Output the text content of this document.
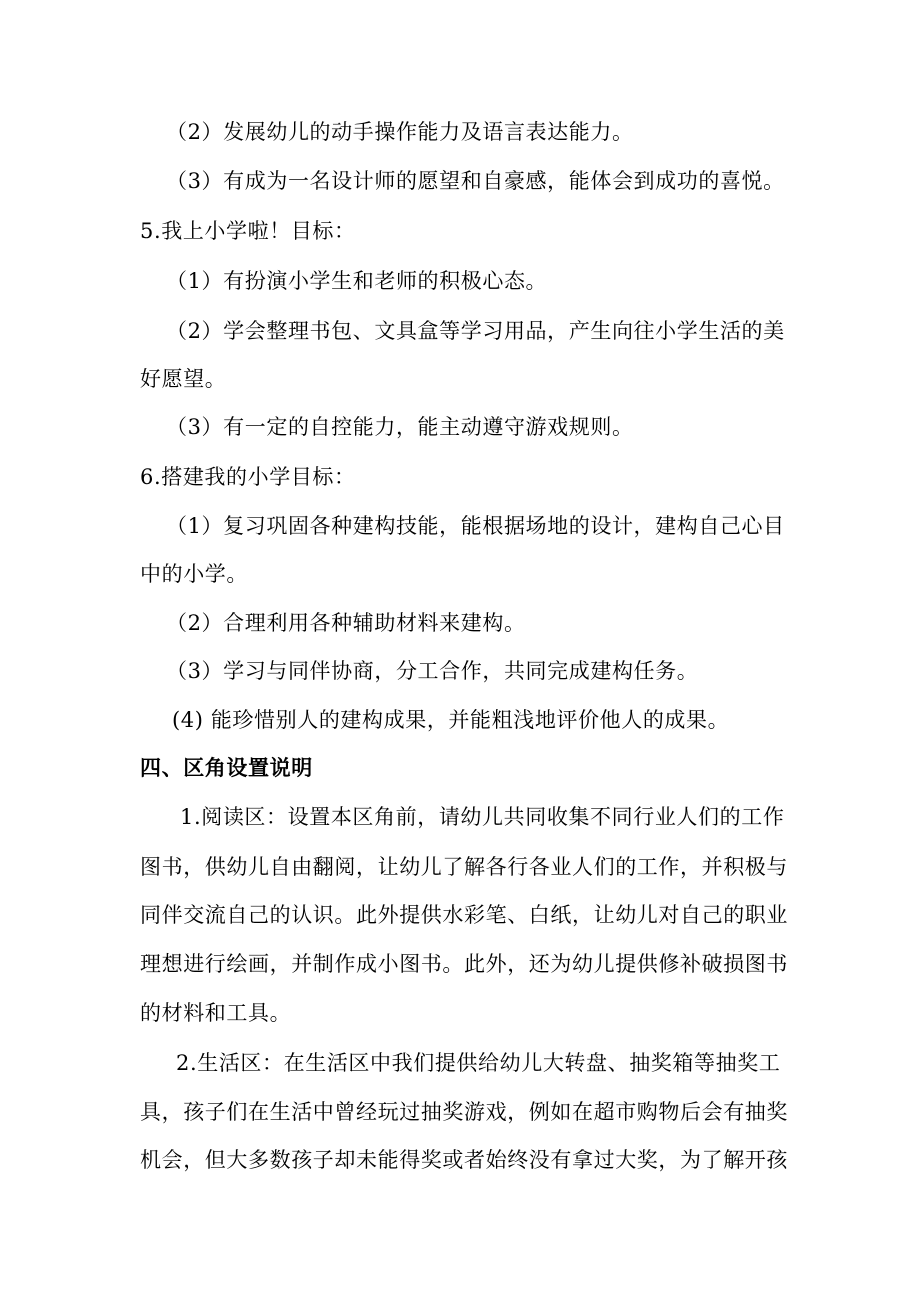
（2）发展幼儿的动手操作能力及语言表达能力。
（3）有成为一名设计师的愿望和自豪感，能体会到成功的喜悦。
5.我上小学啦！目标：
（1）有扮演小学生和老师的积极心态。
（2）学会整理书包、文具盒等学习用品，产生向往小学生活的美
好愿望。
（3）有一定的自控能力，能主动遵守游戏规则。
6.搭建我的小学目标：
（1）复习巩固各种建构技能，能根据场地的设计，建构自己心目
中的小学。
（2）合理利用各种辅助材料来建构。
（3）学习与同伴协商，分工合作，共同完成建构任务。
(4) 能珍惜别人的建构成果，并能粗浅地评价他人的成果。
四、区角设置说明
1.阅读区：设置本区角前，请幼儿共同收集不同行业人们的工作
图书，供幼儿自由翻阅，让幼儿了解各行各业人们的工作，并积极与
同伴交流自己的认识。此外提供水彩笔、白纸，让幼儿对自己的职业
理想进行绘画，并制作成小图书。此外，还为幼儿提供修补破损图书
的材料和工具。
2.生活区：在生活区中我们提供给幼儿大转盘、抽奖箱等抽奖工
具，孩子们在生活中曾经玩过抽奖游戏，例如在超市购物后会有抽奖
机会，但大多数孩子却未能得奖或者始终没有拿过大奖，为了解开孩
